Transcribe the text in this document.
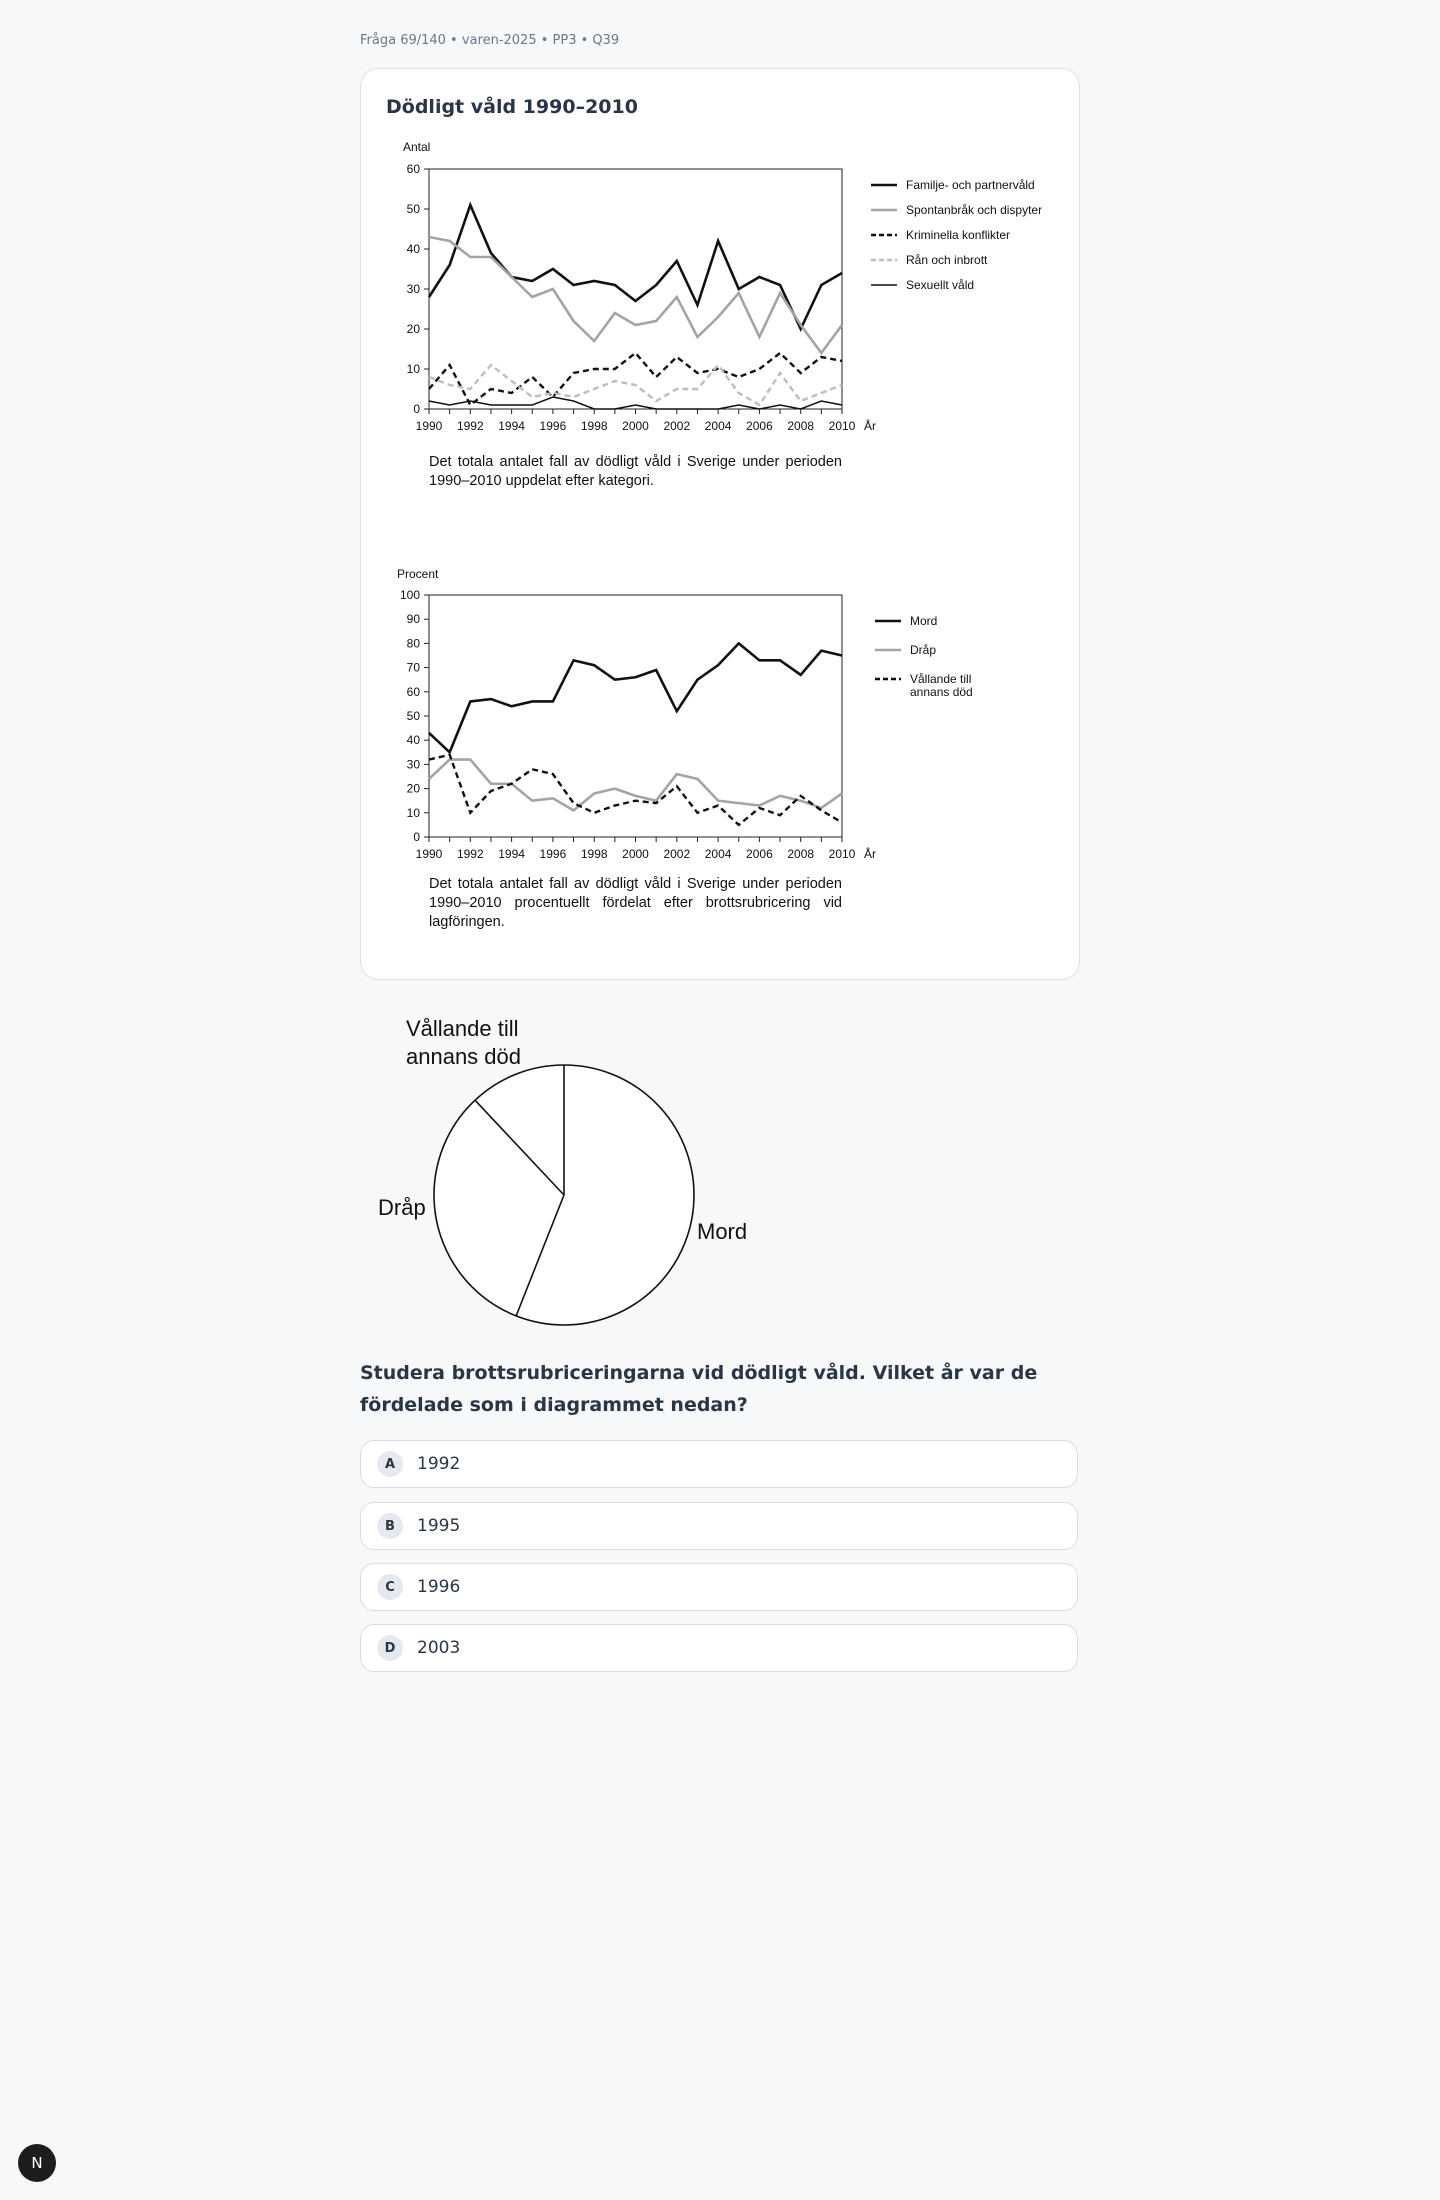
Fråga 69/140 • varen-2025 • PP3 • Q39
Dödligt våld 1990–2010
0
10
20
30
40
50
60
1990 1992 1994 1996 1998 2000 2002 2004 2006 2008 2010 År
Antal
Familje- och partnervåld
Spontanbråk och dispyter
Kriminella konflikter
Rån och inbrott
Sexuellt våld
0
10
20
30
40
50
60
70
80
90
100
1990 1992 1994 1996 1998 2000 2002 2004 2006 2008 2010 År
Procent
Mord
Dråp
Vållande till
annans död
Det totala antalet fall av dödligt våld i Sverige under perioden 1990–2010 uppdelat efter kategori.
Det totala antalet fall av dödligt våld i Sverige under perioden 1990–2010 procentuellt fördelat efter brottsrubricering vid lagföringen.
Vållande till
annans död
Dråp
Mord
Studera brottsrubriceringarna vid dödligt våld. Vilket år var de fördelade som i diagrammet nedan?
A	1992
B	1995
C	1996
D	2003
N
